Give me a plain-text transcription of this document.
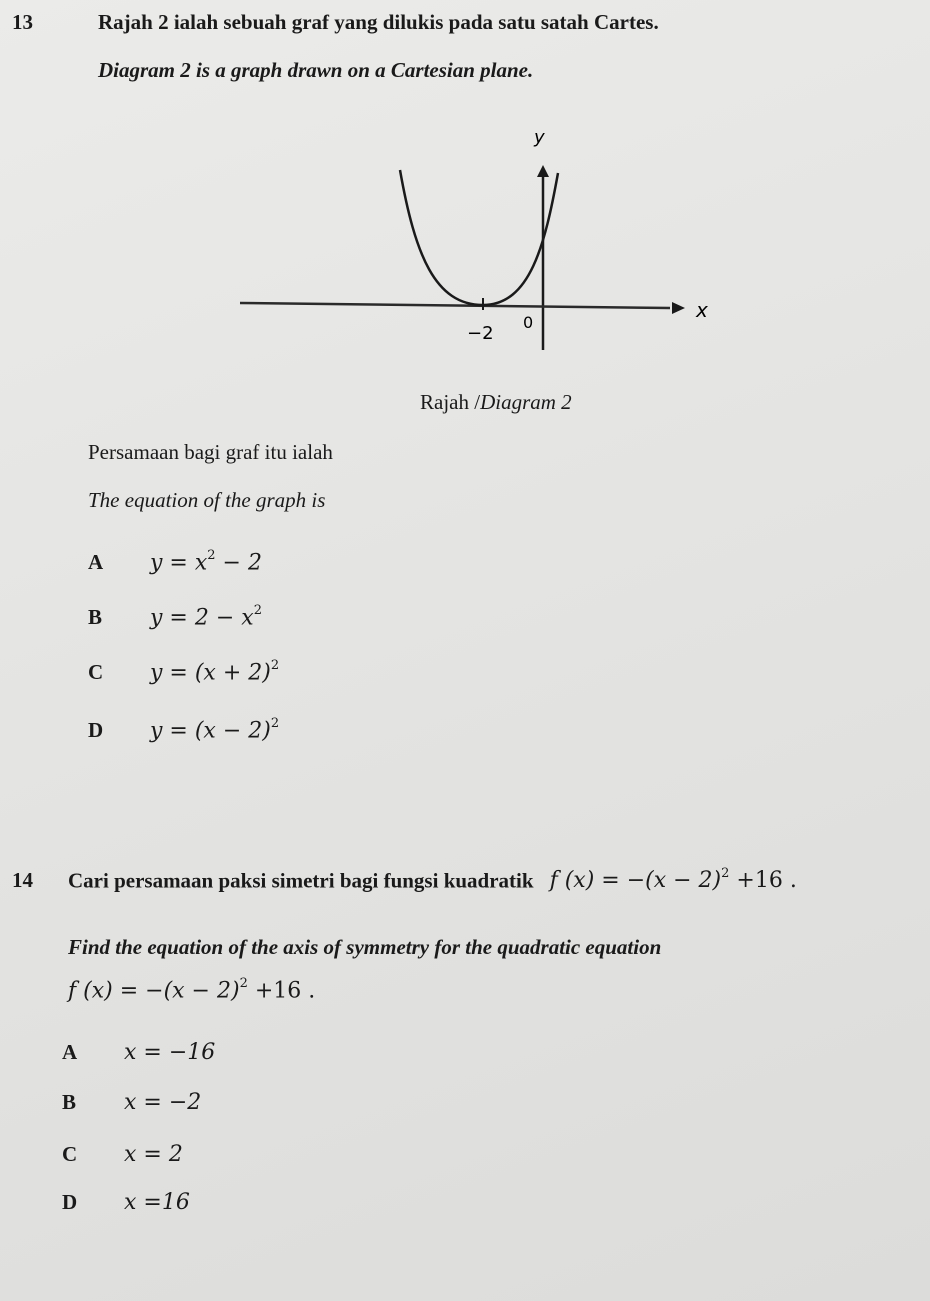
13	Rajah 2 ialah sebuah graf yang dilukis pada satu satah Cartes.
Diagram 2 is a graph drawn on a Cartesian plane.
y
x
−2
0
Rajah /Diagram 2
Persamaan bagi graf itu ialah
The equation of the graph is
A $y = x^2 - 2$
B $y = 2 - x^2$
C $y = (x + 2)^2$
D $y = (x - 2)^2$
14 Cari persamaan paksi simetri bagi fungsi kuadratik f $(x) = -(x - 2)^2 +16$ .
Find the equation of the axis of symmetry for the quadratic equation
f $(x) = -(x - 2)^2 +16$ .
A x = −16
B x = −2
C x = 2
D x =16
